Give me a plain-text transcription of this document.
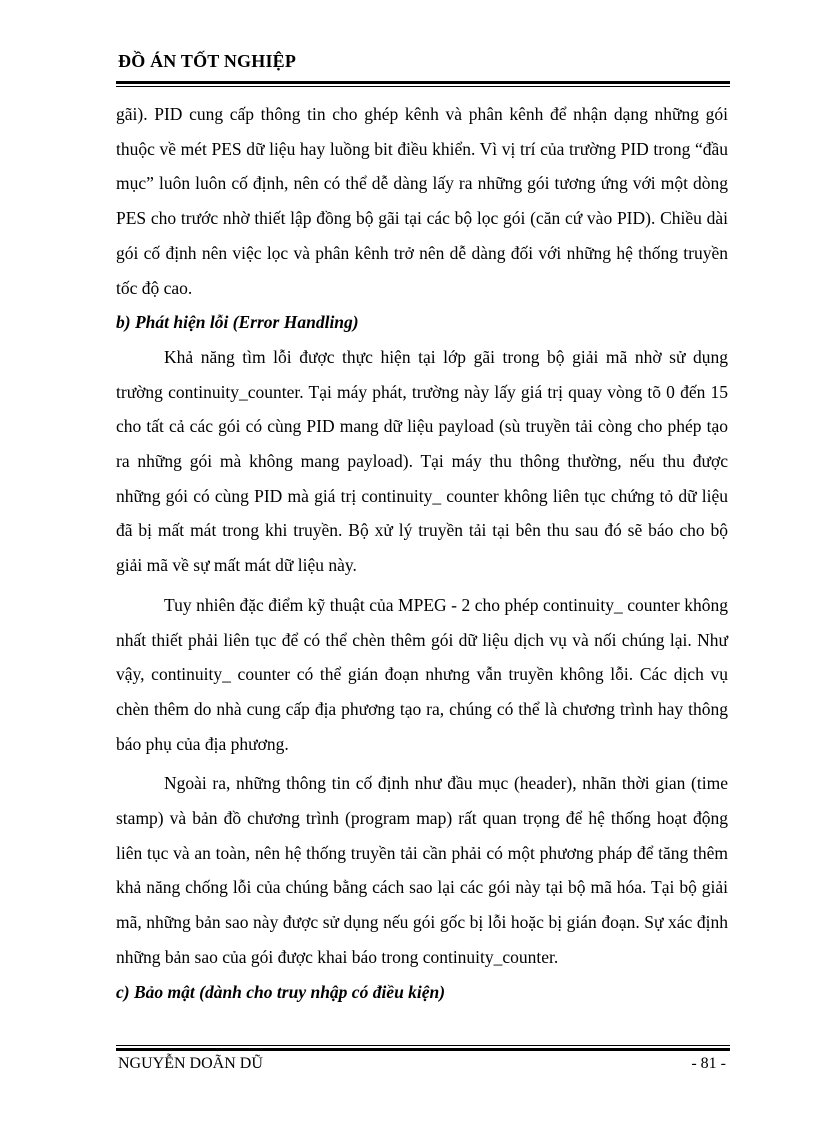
ĐỒ ÁN TỐT NGHIỆP

gãi). PID cung cấp thông tin cho ghép kênh và phân kênh để nhận dạng những gói thuộc về mét PES dữ liệu hay luồng bit điều khiển. Vì vị trí của trường PID trong “đầu mục” luôn luôn cố định, nên có thể dễ dàng lấy ra những gói tương ứng với một dòng PES cho trước nhờ thiết lập đồng bộ gãi tại các bộ lọc gói (căn cứ vào PID). Chiều dài gói cố định nên việc lọc và phân kênh trở nên dễ dàng đối với những hệ thống truyền tốc độ cao.

b) Phát hiện lỗi (Error Handling)

Khả năng tìm lỗi được thực hiện tại lớp gãi trong bộ giải mã nhờ sử dụng trường continuity_counter. Tại máy phát, trường này lấy giá trị quay vòng tõ 0 đến 15 cho tất cả các gói có cùng PID mang dữ liệu payload (sù truyền tải còng cho phép tạo ra những gói mà không mang payload). Tại máy thu thông thường, nếu thu được những gói có cùng PID mà giá trị continuity_ counter không liên tục chứng tỏ dữ liệu đã bị mất mát trong khi truyền. Bộ xử lý truyền tải tại bên thu sau đó sẽ báo cho bộ giải mã về sự mất mát dữ liệu này.

Tuy nhiên đặc điểm kỹ thuật của MPEG - 2 cho phép continuity_ counter không nhất thiết phải liên tục để có thể chèn thêm gói dữ liệu dịch vụ và nối chúng lại. Như vậy, continuity_ counter có thể gián đoạn nhưng vẫn truyền không lỗi. Các dịch vụ chèn thêm do nhà cung cấp địa phương tạo ra, chúng có thể là chương trình hay thông báo phụ của địa phương.

Ngoài ra, những thông tin cố định như đầu mục (header), nhãn thời gian (time stamp) và bản đồ chương trình (program map) rất quan trọng để hệ thống hoạt động liên tục và an toàn, nên hệ thống truyền tải cần phải có một phương pháp để tăng thêm khả năng chống lỗi của chúng bằng cách sao lại các gói này tại bộ mã hóa. Tại bộ giải mã, những bản sao này được sử dụng nếu gói gốc bị lỗi hoặc bị gián đoạn. Sự xác định những bản sao của gói được khai báo trong continuity_counter.

c) Bảo mật (dành cho truy nhập có điều kiện)

NGUYỄN DOÃN DŨ	- 81 -
